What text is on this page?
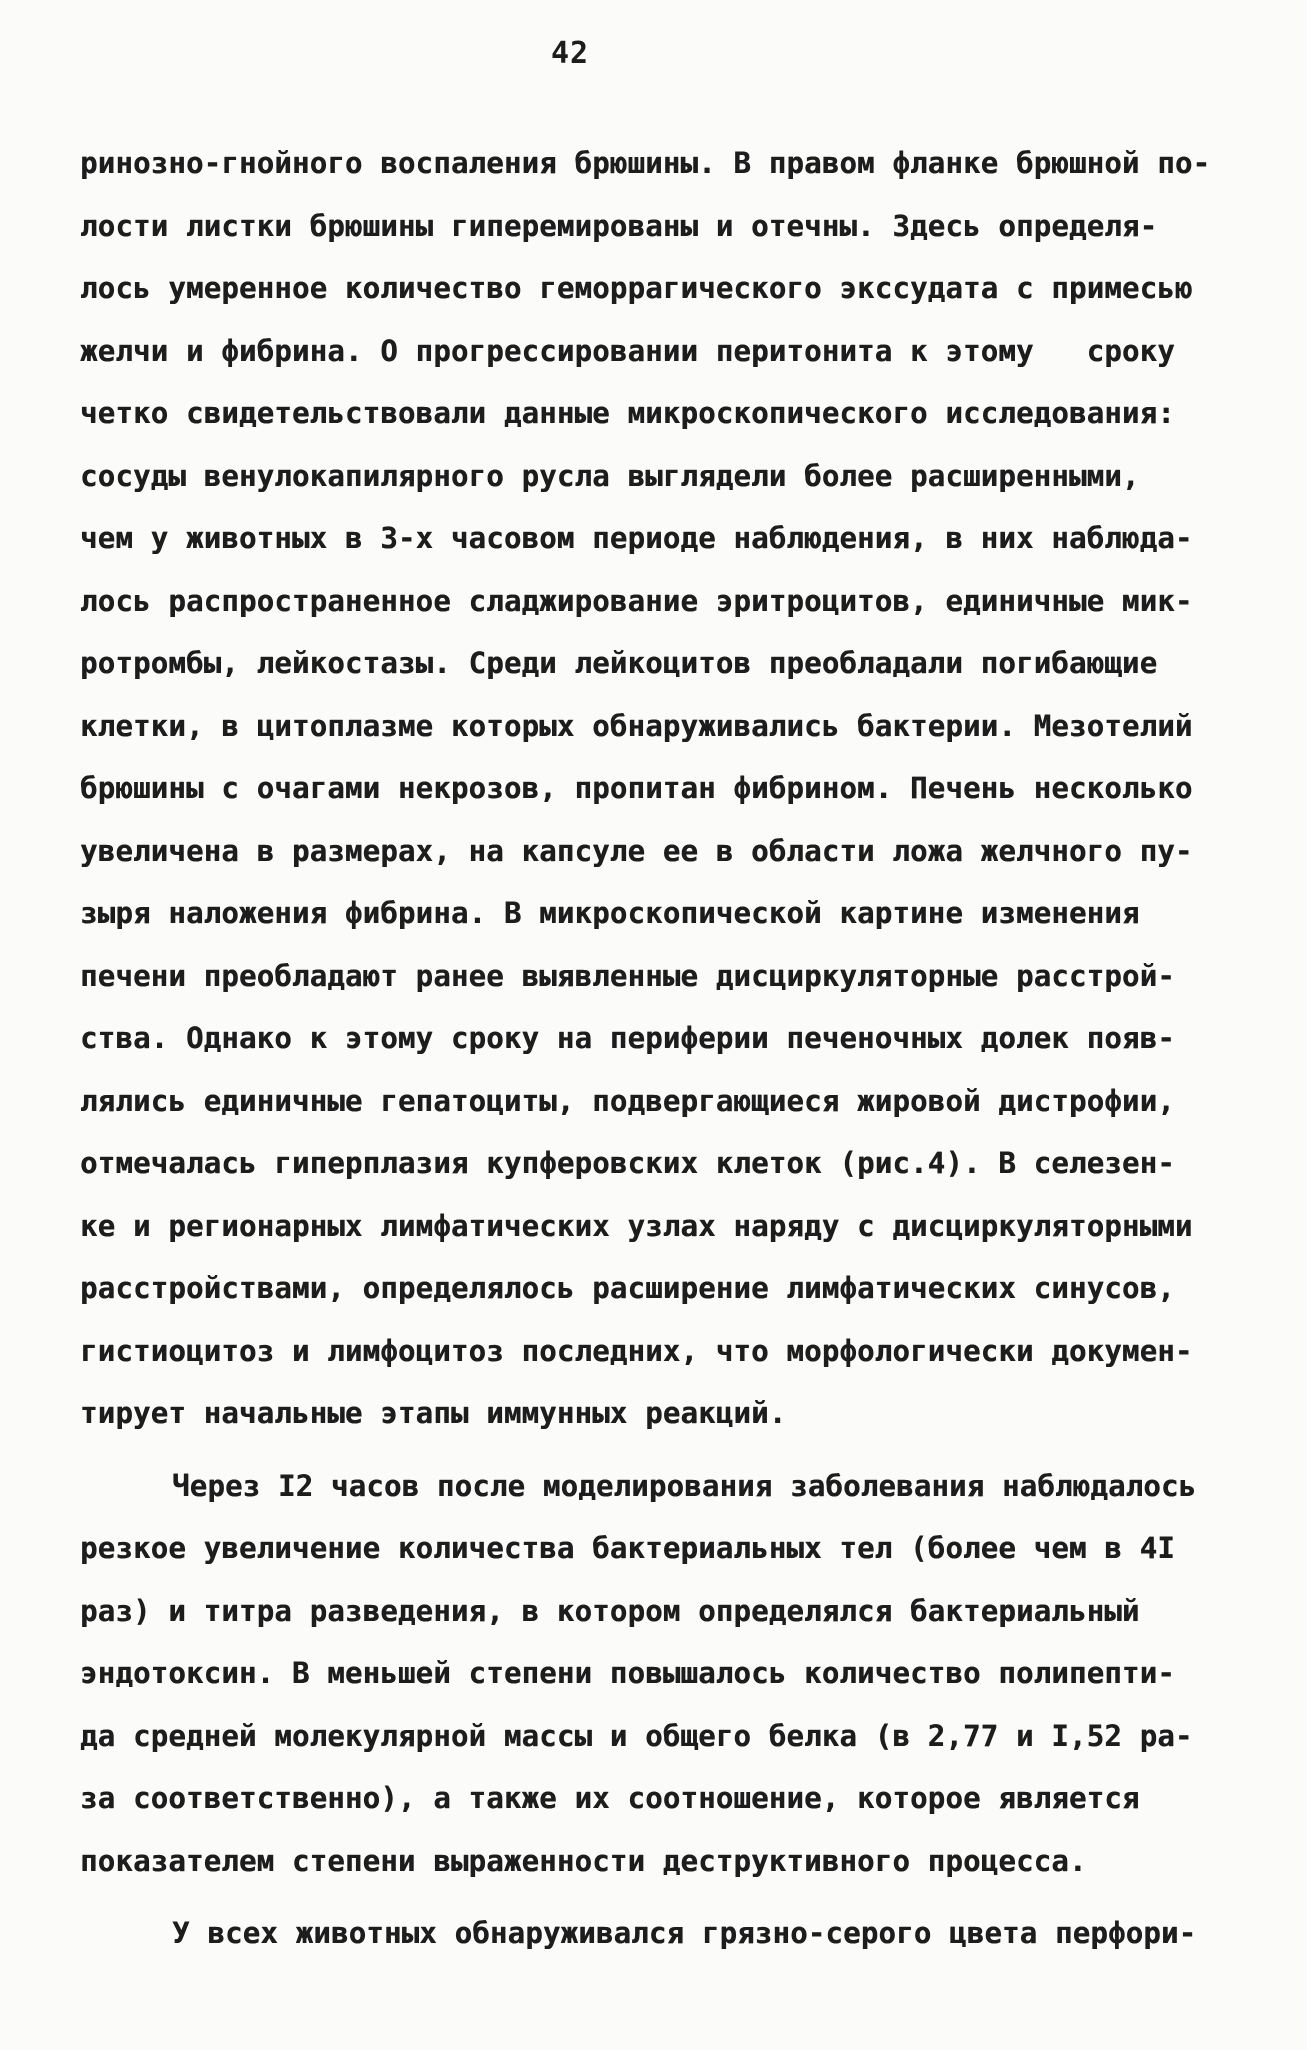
42
ринозно-гнойного воспаления брюшины. В правом фланке брюшной по-
лости листки брюшины гиперемированы и отечны. Здесь определя-
лось умеренное количество геморрагического экссудата с примесью
желчи и фибрина. О прогрессировании перитонита к этому   сроку
четко свидетельствовали данные микроскопического исследования:
сосуды венулокапилярного русла выглядели более расширенными,
чем у животных в 3-х часовом периоде наблюдения, в них наблюда-
лось распространенное сладжирование эритроцитов, единичные мик-
ротромбы, лейкостазы. Среди лейкоцитов преобладали погибающие
клетки, в цитоплазме которых обнаруживались бактерии. Мезотелий
брюшины с очагами некрозов, пропитан фибрином. Печень несколько
увеличена в размерах, на капсуле ее в области ложа желчного пу-
зыря наложения фибрина. В микроскопической картине изменения
печени преобладают ранее выявленные дисциркуляторные расстрой-
ства. Однако к этому сроку на периферии печеночных долек появ-
лялись единичные гепатоциты, подвергающиеся жировой дистрофии,
отмечалась гиперплазия купферовских клеток (рис.4). В селезен-
ке и регионарных лимфатических узлах наряду с дисциркуляторными
расстройствами, определялось расширение лимфатических синусов,
гистиоцитоз и лимфоцитоз последних, что морфологически докумен-
тирует начальные этапы иммунных реакций.
Через I2 часов после моделирования заболевания наблюдалось
резкое увеличение количества бактериальных тел (более чем в 4I
раз) и титра разведения, в котором определялся бактериальный
эндотоксин. В меньшей степени повышалось количество полипепти-
да средней молекулярной массы и общего белка (в 2,77 и I,52 ра-
за соответственно), а также их соотношение, которое является
показателем степени выраженности деструктивного процесса.
У всех животных обнаруживался грязно-серого цвета перфори-
